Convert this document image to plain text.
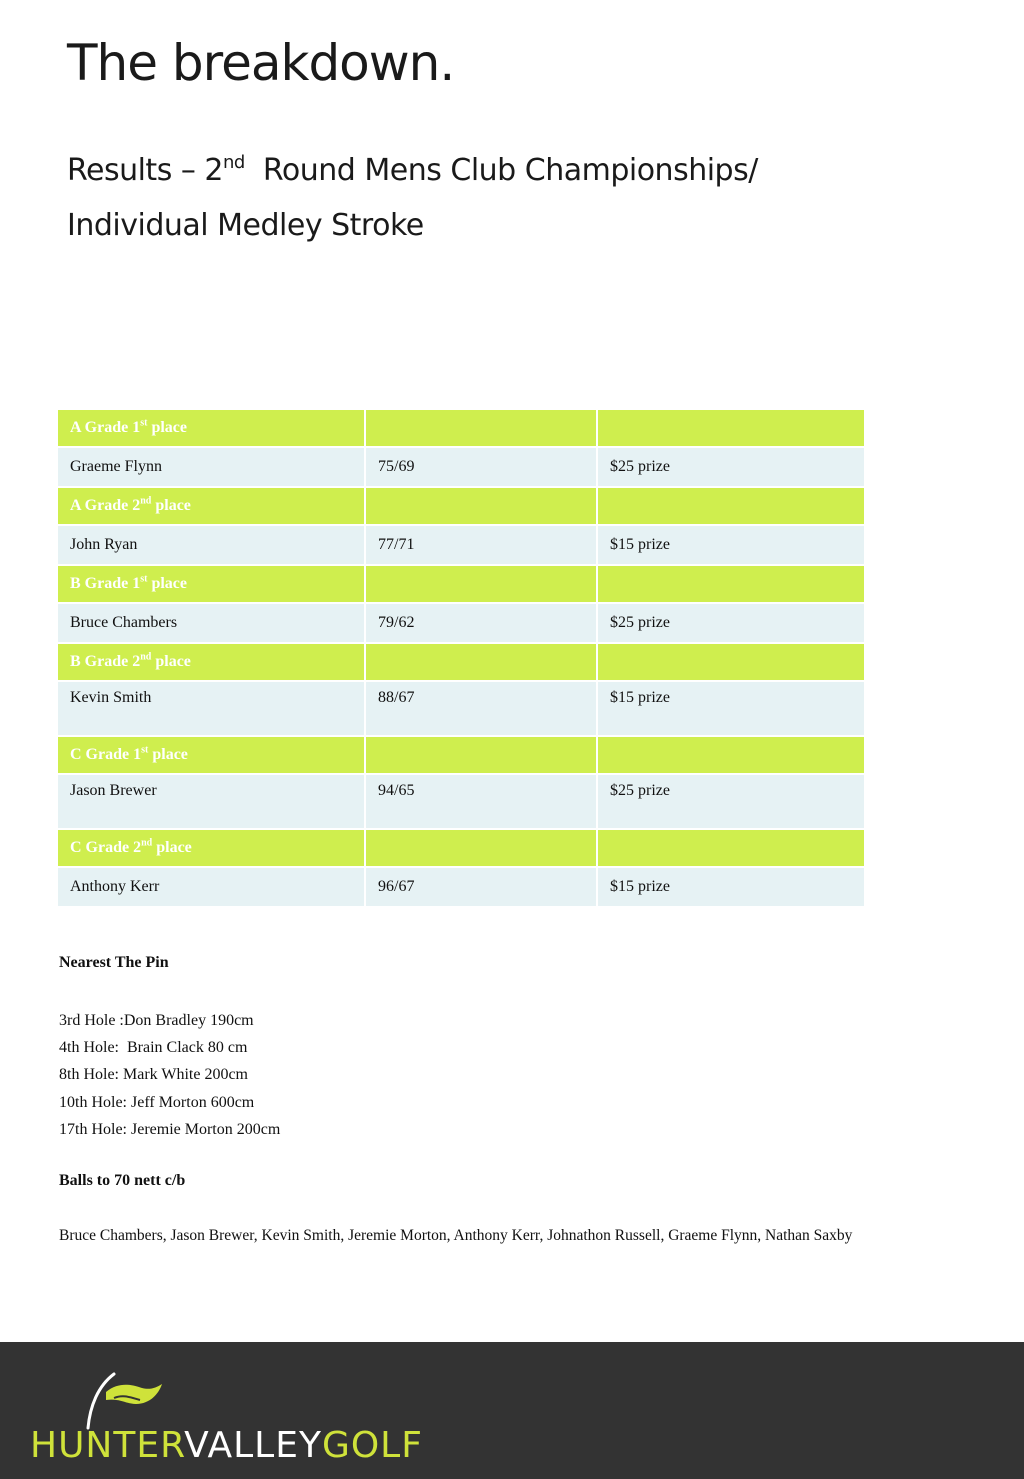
The breakdown.
Results – 2nd  Round Mens Club Championships/ Individual Medley Stroke
A Grade 1st place		
Graeme Flynn	75/69	$25 prize
A Grade 2nd place		
John Ryan	77/71	$15 prize
B Grade 1st place		
Bruce Chambers	79/62	$25 prize
B Grade 2nd place		
Kevin Smith	88/67	$15 prize
C Grade 1st place		
Jason Brewer	94/65	$25 prize
C Grade 2nd place		
Anthony Kerr	96/67	$15 prize
Nearest The Pin
3rd Hole :Don Bradley 190cm
4th Hole:  Brain Clack 80 cm
8th Hole: Mark White 200cm
10th Hole: Jeff Morton 600cm
17th Hole: Jeremie Morton 200cm
Balls to 70 nett c/b
Bruce Chambers, Jason Brewer, Kevin Smith, Jeremie Morton, Anthony Kerr, Johnathon Russell, Graeme Flynn, Nathan Saxby
HUNTERVALLEYGOLF
